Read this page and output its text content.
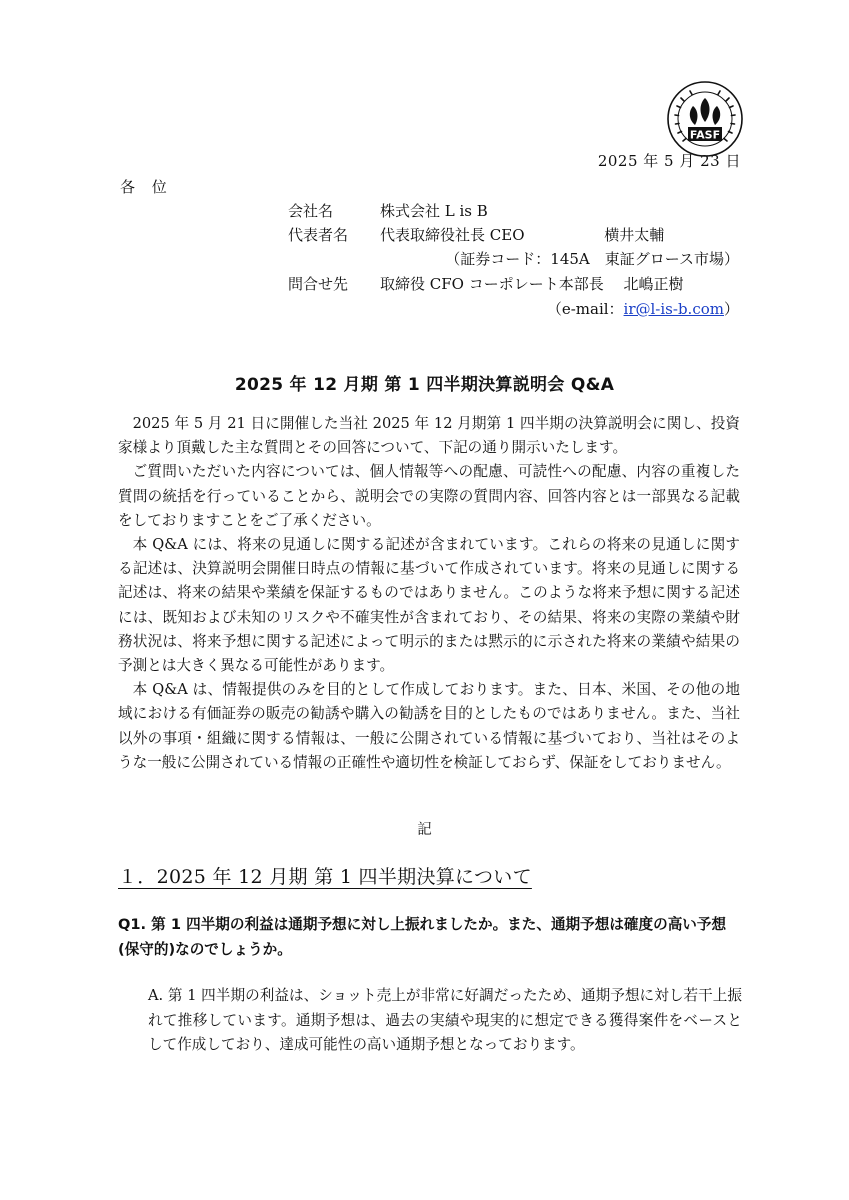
FASF
2025 年 5 月 23 日
各 位
会社名	株式会社 L is B
代表者名 代表取締役社長 CEO　　　　　 横井太輔
（証券コード：145A　東証グロース市場）
問合せ先 取締役 CFO コーポレート本部長　 北嶋正樹
（e-mail：ir@l-is-b.com）
2025 年 12 月期 第 1 四半期決算説明会 Q&A

2025 年 5 月 21 日に開催した当社 2025 年 12 月期第 1 四半期の決算説明会に関し、投資家様より頂戴した主な質問とその回答について、下記の通り開示いたします。

ご質問いただいた内容については、個人情報等への配慮、可読性への配慮、内容の重複した質問の統括を行っていることから、説明会での実際の質問内容、回答内容とは一部異なる記載をしておりますことをご了承ください。

本 Q&A には、将来の見通しに関する記述が含まれています。これらの将来の見通しに関する記述は、決算説明会開催日時点の情報に基づいて作成されています。将来の見通しに関する記述は、将来の結果や業績を保証するものではありません。このような将来予想に関する記述には、既知および未知のリスクや不確実性が含まれており、その結果、将来の実際の業績や財務状況は、将来予想に関する記述によって明示的または黙示的に示された将来の業績や結果の予測とは大きく異なる可能性があります。

本 Q&A は、情報提供のみを目的として作成しております。また、日本、米国、その他の地域における有価証券の販売の勧誘や購入の勧誘を目的としたものではありません。また、当社以外の事項・組織に関する情報は、一般に公開されている情報に基づいており、当社はそのような一般に公開されている情報の正確性や適切性を検証しておらず、保証をしておりません。

記
１．2025 年 12 月期 第 1 四半期決算について
Q1. 第 1 四半期の利益は通期予想に対し上振れましたか。また、通期予想は確度の高い予想(保守的)なのでしょうか。
A. 第 1 四半期の利益は、ショット売上が非常に好調だったため、通期予想に対し若干上振れて推移しています。通期予想は、過去の実績や現実的に想定できる獲得案件をベースとして作成しており、達成可能性の高い通期予想となっております。
